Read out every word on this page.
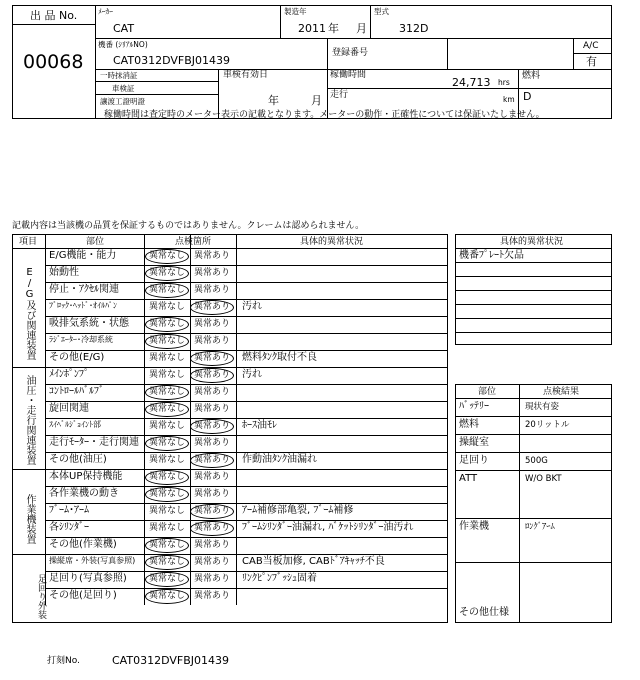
出 品 No.
00068
ﾒｰｶｰ
CAT
製造年
2011 年 月
型式
312D
機番 (ｼﾘｱﾙNO)
CAT0312DVFBJ01439
登録番号
A/C
有
一時抹消証
車検証
讓渡工證明證
車検有効日
年	月
稼働時間
24,713 hrs
走行	km
燃料
D
稼働時間は査定時のメーター表示の記載となります。メーターの動作・正確性については保証いたしません。
記載内容は当該機の品質を保証するものではありません。クレームは認められません。
項目	部位	点検箇所	具体的異常状況
E/G及び関連装置
油圧・走行関連装置
作業機装置
足回り外装
E/G機能・能力	異常なし 異常あり
始動性	異常なし 異常あり
停止・ｱｸｾﾙ関連	異常なし 異常あり
ﾌﾞﾛｯｸ･ﾍｯﾄﾞ･ｵｲﾙﾊﾟﾝ	異常なし 異常あり 汚れ
吸排気系統・状態 異常なし 異常あり
ﾗｼﾞｴｰﾀｰ･冷却系統	異常なし 異常あり
その他(E/G)	異常なし 異常あり 燃料ﾀﾝｸ取付不良
ﾒｲﾝﾎﾟﾝﾌﾟ	異常なし 異常あり 汚れ
ｺﾝﾄﾛｰﾙﾊﾞﾙﾌﾞ	異常なし 異常あり
旋回関連	異常なし 異常あり
ｽｲﾍﾞﾙｼﾞｮｲﾝﾄ部	異常なし 異常あり ﾎｰｽ油ﾓﾚ
走行ﾓｰﾀｰ・走行関連 異常なし 異常あり
その他(油圧)	異常なし 異常あり 作動油ﾀﾝｸ油漏れ
本体UP保持機能	異常なし 異常あり
各作業機の動き	異常なし 異常あり
ﾌﾞｰﾑ･ｱｰﾑ	異常なし 異常あり ｱｰﾑ補修部亀裂, ﾌﾞｰﾑ補修
各ｼﾘﾝﾀﾞｰ	異常なし 異常あり ﾌﾞｰﾑｼﾘﾝﾀﾞｰ油漏れ, ﾊﾞｹｯﾄｼﾘﾝﾀﾞｰ油汚れ
その他(作業機)	異常なし 異常あり
操縦席・外装(写真参照) 異常なし 異常あり CAB当板加修, CABﾄﾞｱｷｬｯﾁ不良
足回り(写真参照) 異常なし 異常あり ﾘﾝｸﾋﾟﾝﾌﾞｯｼｭ固着
その他(足回り)	異常なし 異常あり
具体的異常状況
機番ﾌﾟﾚｰﾄ欠品
部位	点検結果
ﾊﾞｯﾃﾘｰ	現状有姿
燃料	20リットル
操縦室
足回り	500G
ATT	W/O BKT
作業機	ﾛﾝｸﾞｱｰﾑ
その他仕様
打刻No.	CAT0312DVFBJ01439
